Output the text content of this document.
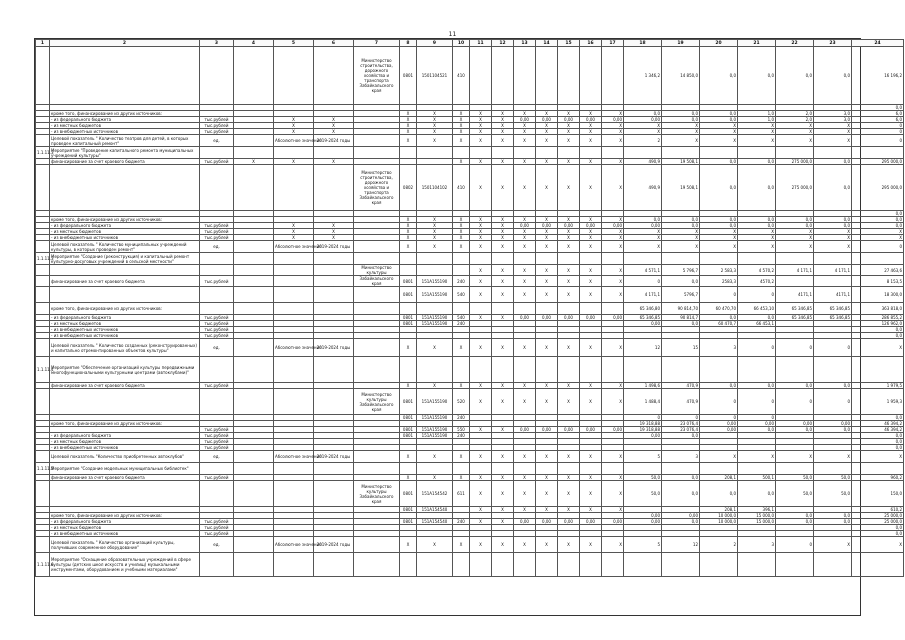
11
1	2	3	4	5	6	7	8	9	10	11	12	13	14	15	16	17	18	19	20	21	22	23	24
						Министерство строительства, дорожного хозяйства и транспорта Забайкальского края	0801	1501104521	410								1 346,2	14 850,0	0,0	0,0	0,0	0,0	16 196,2
																							0,0
	кроме того, финансирование из других источников:						Х	Х	Х	Х	Х	Х	Х	Х	Х	Х	0,0	0,0	0,0	1,0	2,0	3,0	6,0
	- из федерального бюджета	тыс.рублей		Х	Х		Х	Х	Х	Х	Х	0,00	0,00	0,00	0,00	0,00	0,00	0,0	0,0	1,0	2,0	3,0	6,0
	- из местных бюджетов	тыс.рублей		Х	Х		Х	Х	Х	Х	Х	Х	Х	Х	Х	Х	Х	Х	Х	Х	Х	Х	0
	- из внебюджетных источников	тыс.рублей		Х	Х		Х	Х	Х	Х	Х	Х	Х	Х	Х	Х	Х	Х	Х	Х	Х	Х	0
	Целевой показатель " Количество театров для детей, в которых проведен капитальный ремонт"	ед.		Абсолютное значение	2019-2024 годы		Х	Х	Х	Х	Х	Х	Х	Х	Х	Х	2	Х	Х	Х	Х	Х	0
1.1.11.3	Мероприятие "Проведение капитального ремонта муниципальных учреждений культуры"																						
	финансирование за счет краевого бюджета	тыс.рублей	Х	Х	Х				Х	Х	Х	Х	Х	Х	Х	Х	490,9	19 508,1	0,0	0,0	275 000,0	0,0	295 000,0
						Министерство строительства, дорожного хозяйства и транспорта Забайкальского края	0802	1501104102	410	Х	Х	Х	Х	Х	Х	Х	490,9	19 508,1	0,0	0,0	275 000,0	0,0	295 000,0
																							0,0
	кроме того, финансирование из других источников:						Х	Х	Х	Х	Х	Х	Х	Х	Х	Х	0,0	0,0	0,0	0,0	0,0	0,0	0,0
	- из федерального бюджета	тыс.рублей		Х	Х		Х	Х	Х	Х	Х	0,00	0,00	0,00	0,00	0,00	0,00	0,0	0,0	0,0	0,0	0,0	0,0
	- из местных бюджетов	тыс.рублей		Х	Х		Х	Х	Х	Х	Х	Х	Х	Х	Х	Х	Х	Х	Х	Х	Х	Х	Х
	- из внебюджетных источников	тыс.рублей		Х	Х		Х	Х	Х	Х	Х	Х	Х	Х	Х	Х	Х	Х	Х	Х	Х	Х	Х
	Целевой показатель " Количество муниципальных учреждений культуры, в которых проведен ремонт"	ед.		Абсолютное значение	2019-2024 годы		Х	Х	Х	Х	Х	Х	Х	Х	Х	Х	Х	Х	Х	Х	Х	Х	0
1.1.11.3	Мероприятие "Создание (реконструкция) и капитальный ремонт культурно-досуговых учреждений в сельской местности"																						
						Министерство культуры				Х	Х	Х	Х	Х	Х	Х	4 571,1	5 796,7	2 583,3	4 570,2	4 171,1	4 171,1	27 463,6
	финансирование за счет краевого бюджета	тыс.рублей				Забайкальского края	0801	151A155190	240	Х	Х	Х	Х	Х	Х	Х	0	0,0	2583,3	4570,2			8 153,5
							0801	151A155190	540	Х	Х	Х	Х	Х	Х	Х	4 171,1	5796,7	0	0	4171,1	4171,1	18 300,0
	кроме того, финансирование из других источников:																65 346,80	90 814,70	60 470,70	66 453,10	65 346,85	65 346,85	363 818,0
	- из федерального бюджета	тыс.рублей					0801	151A155190	540	Х	Х	0,00	0,00	0,00	0,00	0,00	65 346,85	90 814,7	0,0	0,0	65 346,85	65 346,85	286 855,2
	- из местных бюджетов	тыс.рублей					0801	151A155190	240								0,00	0,0	60 470,7	66 453,1			126 962,0
	- из внебюджетных источников	тыс.рублей																					0,0
	- из внебюджетных источников	тыс.рублей																					0,0
	Целевой показатель " Количество созданных (реконструированных) и капитально отремонтированных объектов культуры"	ед.		Абсолютное значение	2019-2024 годы		Х	Х	Х	Х	Х	Х	Х	Х	Х	Х	12	15	3	0	0	0	Х
1.1.11.4	Мероприятие "Обеспечение организаций культуры передвижными многофункциональными культурными центрами (автоклубами)"																						
	финансирование за счет краевого бюджета	тыс.рублей					Х	Х	Х	Х	Х	Х	Х	Х	Х	Х	1 498,6	470,9	0,0	0,0	0,0	0,0	1 979,5
						Министерство культуры Забайкальского края	0801	151A155190	520	Х	Х	Х	Х	Х	Х	Х	1 488,4	470,9	0	0	0	0	1 959,3
							0801	151A155190	240								0	0	0	0			0,0
	кроме того, финансирование из других источников:																19 318,88	23 076,4	0,00	0,00	0,00	0,00	46 394,2
		тыс.рублей					0801	151A155190	550	Х	Х	0,00	0,00	0,00	0,00	0,00	19 318,88	23 076,4	0,00	0,0	0,0	0,0	46 394,2
	- из федерального бюджета	тыс.рублей					0801	151A155190	240								0,00	0,0					0,0
	- из местных бюджетов	тыс.рублей																					0,0
	- из внебюджетных источников	тыс.рублей																					0,0
	Целевой показатель "Количество приобретенных автоклубов"	ед.		Абсолютное значение	2019-2024 годы		Х	Х	Х	Х	Х	Х	Х	Х	Х	Х	5	3	Х	Х	Х	Х	Х
1.1.11.5	Мероприятие "Создание модельных муниципальных библиотек"																						
	финансирование за счет краевого бюджета	тыс.рублей					Х	Х	Х	Х	Х	Х	Х	Х	Х	Х	50,0	0,0	208,1	500,1	50,0	50,0	960,2
						Министерство культуры Забайкальского края	0801	151A154542	611	Х	Х	Х	Х	Х	Х	Х	50,0	0,0	0,0	0,0	50,0	50,0	150,0
							0801	151A154540		Х	Х	Х	Х	Х	Х	Х			208,1	396,1			610,2
	кроме того, финансирование из других источников:																0,00	0,00	10 000,0	15 000,0	0,0	0,0	25 000,0
	- из федерального бюджета	тыс.рублей					0801	151A154540	240	Х	Х	0,00	0,00	0,00	0,00	0,00	0,00	0,0	10 000,0	15 000,0	0,0	0,0	25 000,0
	- из местных бюджетов	тыс.рублей																					0,0
	- из внебюджетных источников	тыс.рублей																					0,0
	Целевой показатель " Количество организаций культуры, получивших современное оборудование"	ед.		Абсолютное значение	2019-2024 годы		Х	Х	Х	Х	Х	Х	Х	Х	Х	Х	5	12	2	3	0	Х	Х
1.1.11.6	Мероприятие "Оснащение образовательных учреждений в сфере культуры (детских школ искусств и училищ) музыкальными инструментами, оборудованием и учебными материалами"																						
